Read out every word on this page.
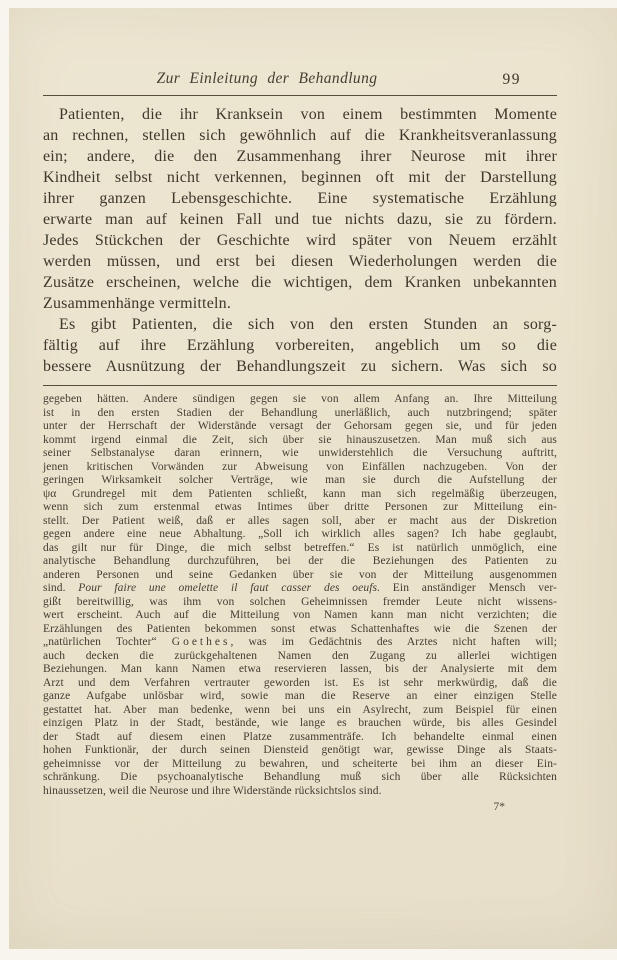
Zur Einleitung der Behandlung	99
Patienten, die ihr Kranksein von einem bestimmten Momente
an rechnen, stellen sich gewöhnlich auf die Krankheitsveranlassung
ein; andere, die den Zusammenhang ihrer Neurose mit ihrer
Kindheit selbst nicht verkennen, beginnen oft mit der Darstellung
ihrer ganzen Lebensgeschichte. Eine systematische Erzählung
erwarte man auf keinen Fall und tue nichts dazu, sie zu fördern.
Jedes Stückchen der Geschichte wird später von Neuem erzählt
werden müssen, und erst bei diesen Wiederholungen werden die
Zusätze erscheinen, welche die wichtigen, dem Kranken unbekannten
Zusammenhänge vermitteln.
Es gibt Patienten, die sich von den ersten Stunden an sorg-
fältig auf ihre Erzählung vorbereiten, angeblich um so die
bessere Ausnützung der Behandlungszeit zu sichern. Was sich so
gegeben hätten. Andere sündigen gegen sie von allem Anfang an. Ihre Mitteilung
ist in den ersten Stadien der Behandlung unerläßlich, auch nutzbringend; später
unter der Herrschaft der Widerstände versagt der Gehorsam gegen sie, und für jeden
kommt irgend einmal die Zeit, sich über sie hinauszusetzen. Man muß sich aus
seiner Selbstanalyse daran erinnern, wie unwiderstehlich die Versuchung auftritt,
jenen kritischen Vorwänden zur Abweisung von Einfällen nachzugeben. Von der
geringen Wirksamkeit solcher Verträge, wie man sie durch die Aufstellung der
ψα Grundregel mit dem Patienten schließt, kann man sich regelmäßig überzeugen,
wenn sich zum erstenmal etwas Intimes über dritte Personen zur Mitteilung ein-
stellt. Der Patient weiß, daß er alles sagen soll, aber er macht aus der Diskretion
gegen andere eine neue Abhaltung. „Soll ich wirklich alles sagen? Ich habe geglaubt,
das gilt nur für Dinge, die mich selbst betreffen.“ Es ist natürlich unmöglich, eine
analytische Behandlung durchzuführen, bei der die Beziehungen des Patienten zu
anderen Personen und seine Gedanken über sie von der Mitteilung ausgenommen
sind. Pour faire une omelette il faut casser des oeufs. Ein anständiger Mensch ver-
gißt bereitwillig, was ihm von solchen Geheimnissen fremder Leute nicht wissens-
wert erscheint. Auch auf die Mitteilung von Namen kann man nicht verzichten; die
Erzählungen des Patienten bekommen sonst etwas Schattenhaftes wie die Szenen der
„natürlichen Tochter“ Goethes, was im Gedächtnis des Arztes nicht haften will;
auch decken die zurückgehaltenen Namen den Zugang zu allerlei wichtigen
Beziehungen. Man kann Namen etwa reservieren lassen, bis der Analysierte mit dem
Arzt und dem Verfahren vertrauter geworden ist. Es ist sehr merkwürdig, daß die
ganze Aufgabe unlösbar wird, sowie man die Reserve an einer einzigen Stelle
gestattet hat. Aber man bedenke, wenn bei uns ein Asylrecht, zum Beispiel für einen
einzigen Platz in der Stadt, bestände, wie lange es brauchen würde, bis alles Gesindel
der Stadt auf diesem einen Platze zusammenträfe. Ich behandelte einmal einen
hohen Funktionär, der durch seinen Diensteid genötigt war, gewisse Dinge als Staats-
geheimnisse vor der Mitteilung zu bewahren, und scheiterte bei ihm an dieser Ein-
schränkung. Die psychoanalytische Behandlung muß sich über alle Rücksichten
hinaussetzen, weil die Neurose und ihre Widerstände rücksichtslos sind.
7*
